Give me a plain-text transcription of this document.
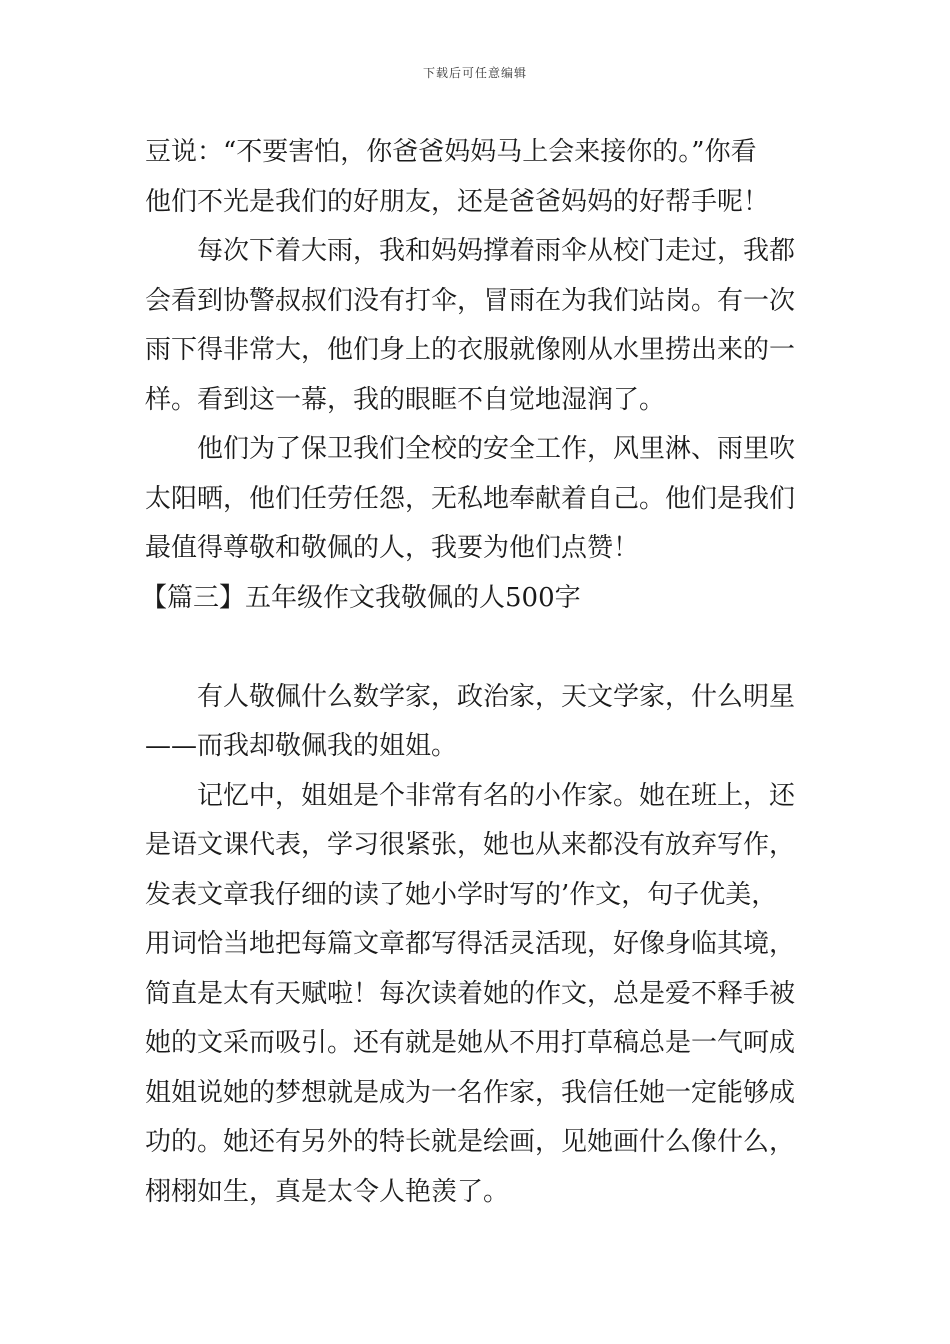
下载后可任意编辑
豆说：“不要害怕，你爸爸妈妈马上会来接你的。”你看
他们不光是我们的好朋友，还是爸爸妈妈的好帮手呢！
每次下着大雨，我和妈妈撑着雨伞从校门走过，我都
会看到协警叔叔们没有打伞，冒雨在为我们站岗。有一次
雨下得非常大，他们身上的衣服就像刚从水里捞出来的一
样。看到这一幕，我的眼眶不自觉地湿润了。
他们为了保卫我们全校的安全工作，风里淋、雨里吹
太阳晒，他们任劳任怨，无私地奉献着自己。他们是我们
最值得尊敬和敬佩的人，我要为他们点赞！
【篇三】五年级作文我敬佩的人500字
有人敬佩什么数学家，政治家，天文学家，什么明星
——而我却敬佩我的姐姐。
记忆中，姐姐是个非常有名的小作家。她在班上，还
是语文课代表，学习很紧张，她也从来都没有放弃写作，
发表文章我仔细的读了她小学时写的’作文，句子优美，
用词恰当地把每篇文章都写得活灵活现，好像身临其境，
简直是太有天赋啦！每次读着她的作文，总是爱不释手被
她的文采而吸引。还有就是她从不用打草稿总是一气呵成
姐姐说她的梦想就是成为一名作家，我信任她一定能够成
功的。她还有另外的特长就是绘画，见她画什么像什么，
栩栩如生，真是太令人艳羡了。
